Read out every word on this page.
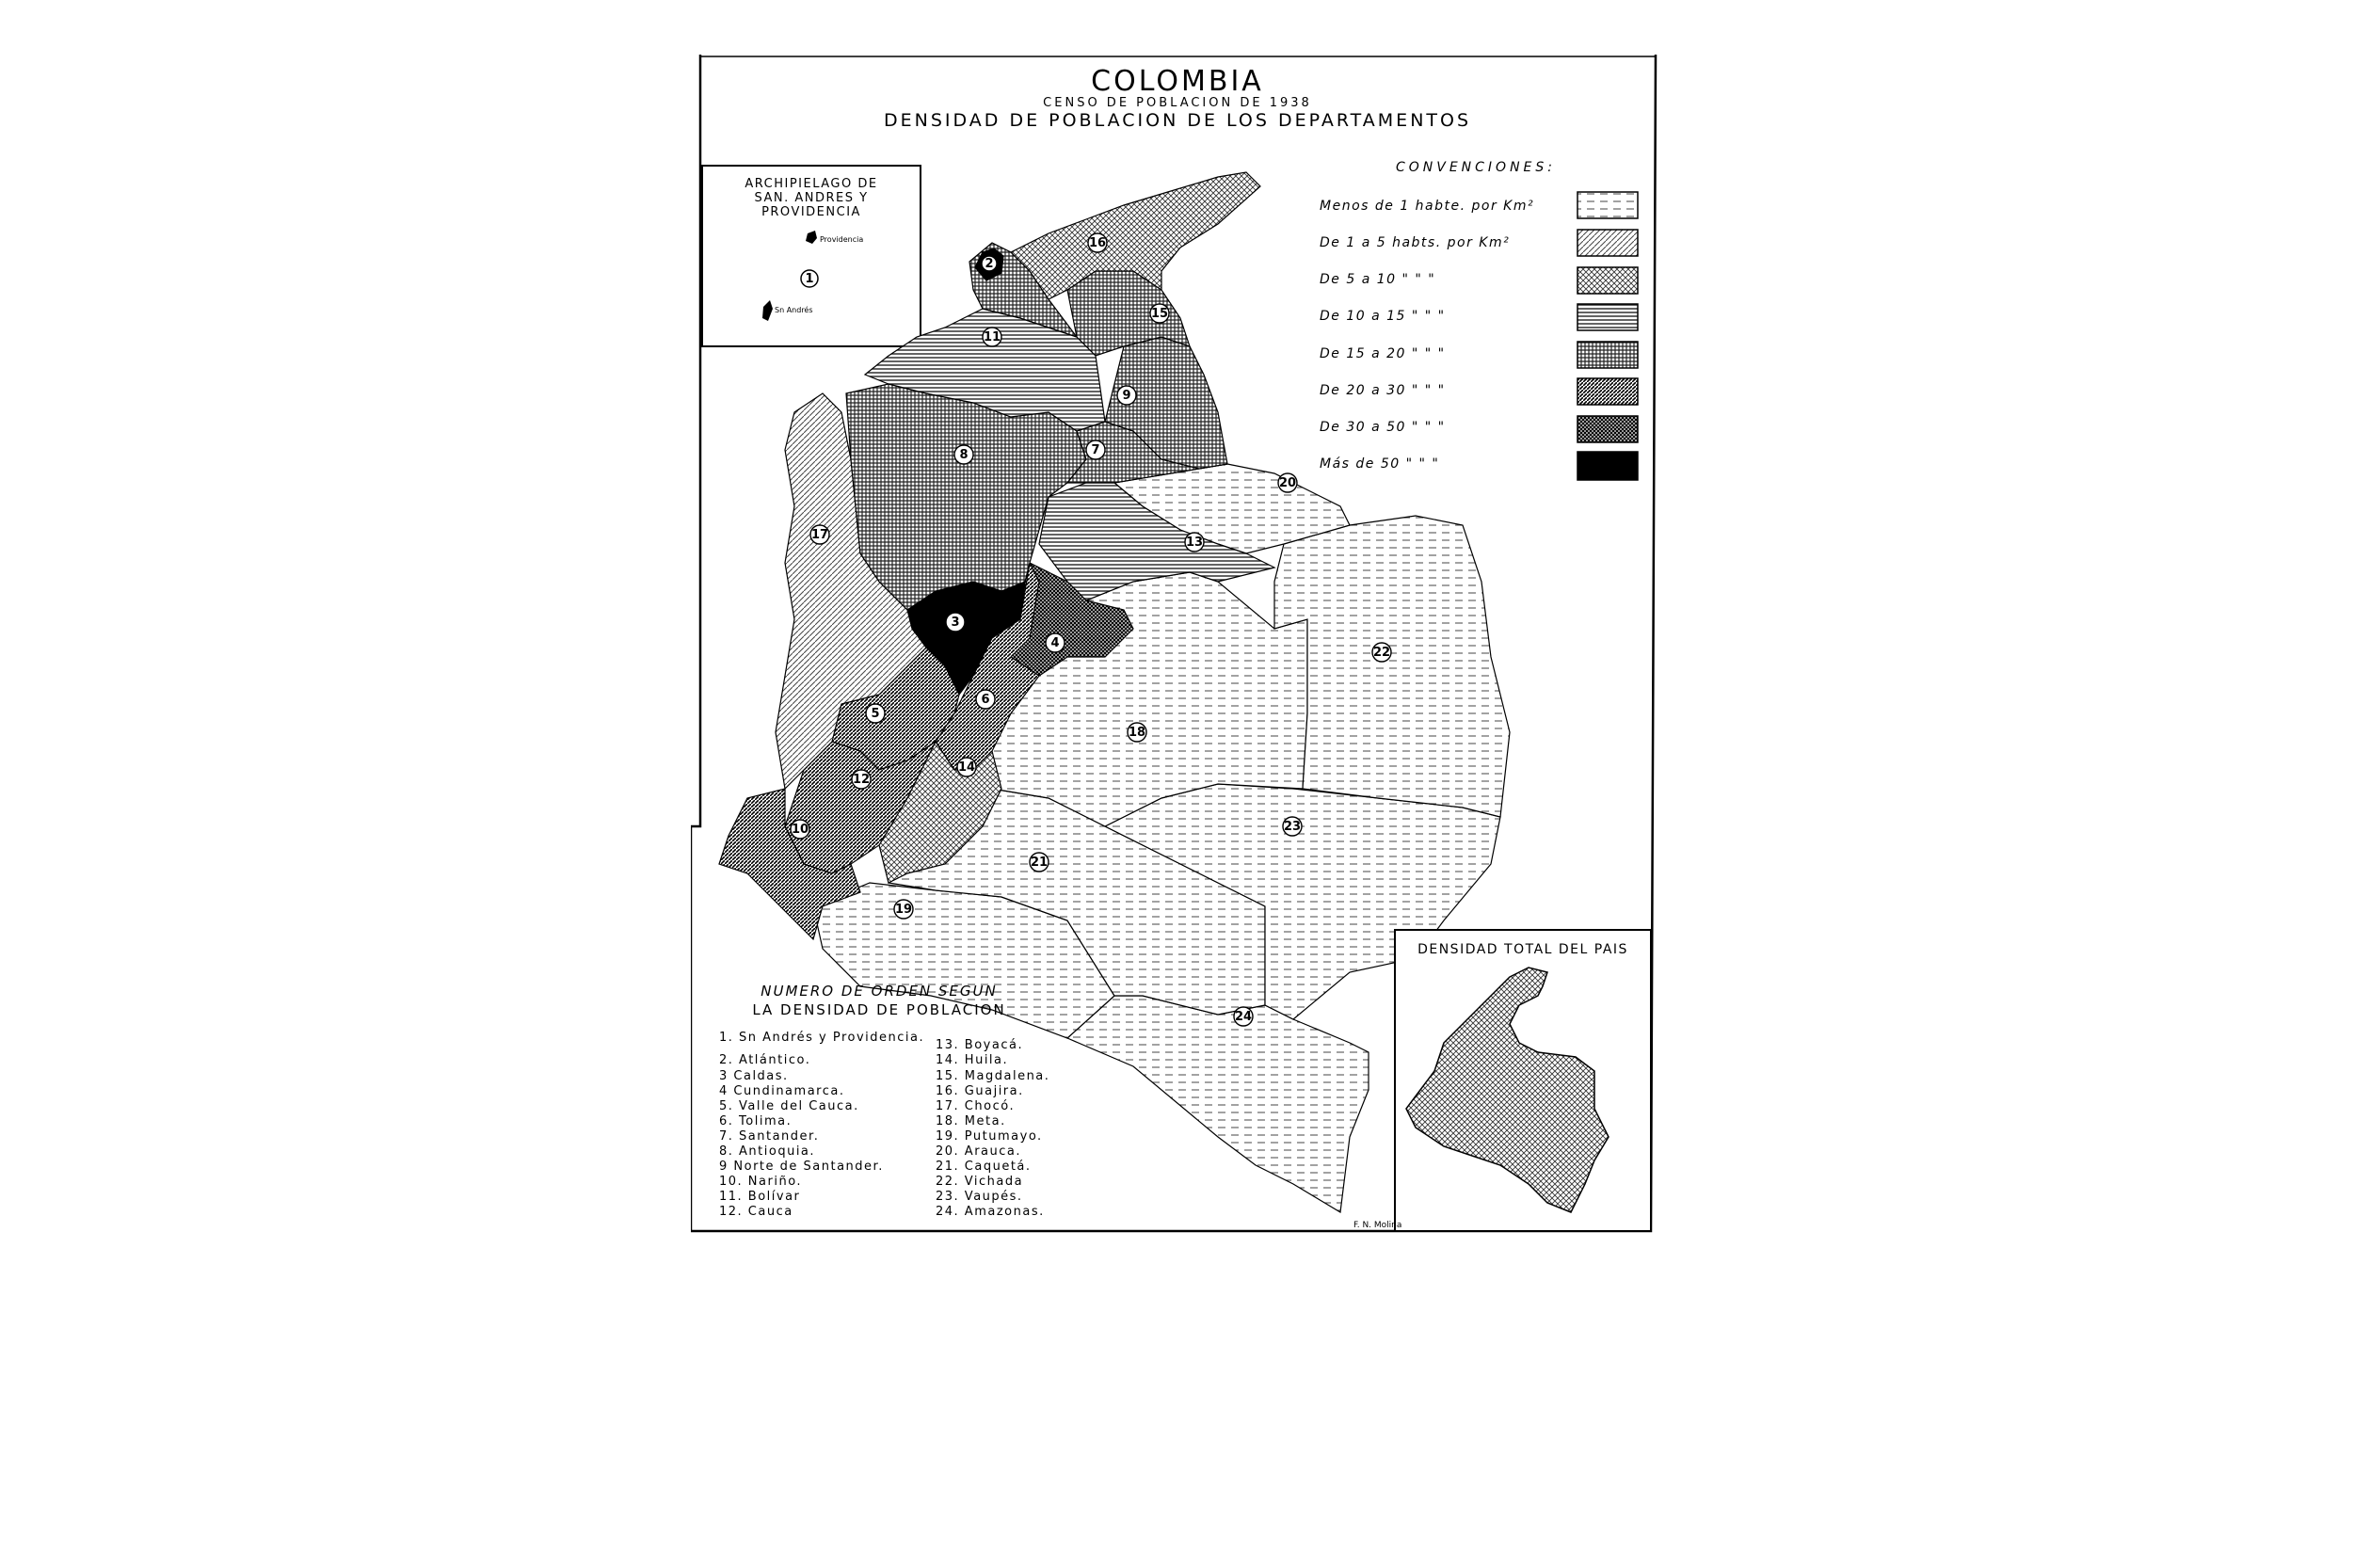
COLOMBIA
CENSO DE POBLACION DE 1938
DENSIDAD DE POBLACION DE LOS DEPARTAMENTOS
ARCHIPIELAGO DE
SAN. ANDRES Y
PROVIDENCIA
Providencia
1
Sn Andrés
2
16
15
11
8
9
7
17
3
4
13
20
22
5
6
14
12
10
18
23
21
19
24
CONVENCIONES:
Menos de 1 habte. por Km²
De 1 a 5 habts. por Km²
De 5 a 10 " " "
De 10 a 15 " " "
De 15 a 20 " " "
De 20 a 30 " " "
De 30 a 50 " " "
Más de 50 " " "
NUMERO DE ORDEN SEGUN
LA DENSIDAD DE POBLACION
1. Sn Andrés y Providencia.
2. Atlántico.
3 Caldas.
4 Cundinamarca.
5. Valle del Cauca.
6. Tolima.
7. Santander.
8. Antioquia.
9 Norte de Santander.
10. Nariño.
11. Bolívar
12. Cauca
13. Boyacá.
14. Huila.
15. Magdalena.
16. Guajira.
17. Chocó.
18. Meta.
19. Putumayo.
20. Arauca.
21. Caquetá.
22. Vichada
23. Vaupés.
24. Amazonas.
DENSIDAD TOTAL DEL PAIS
F. N. Molina
